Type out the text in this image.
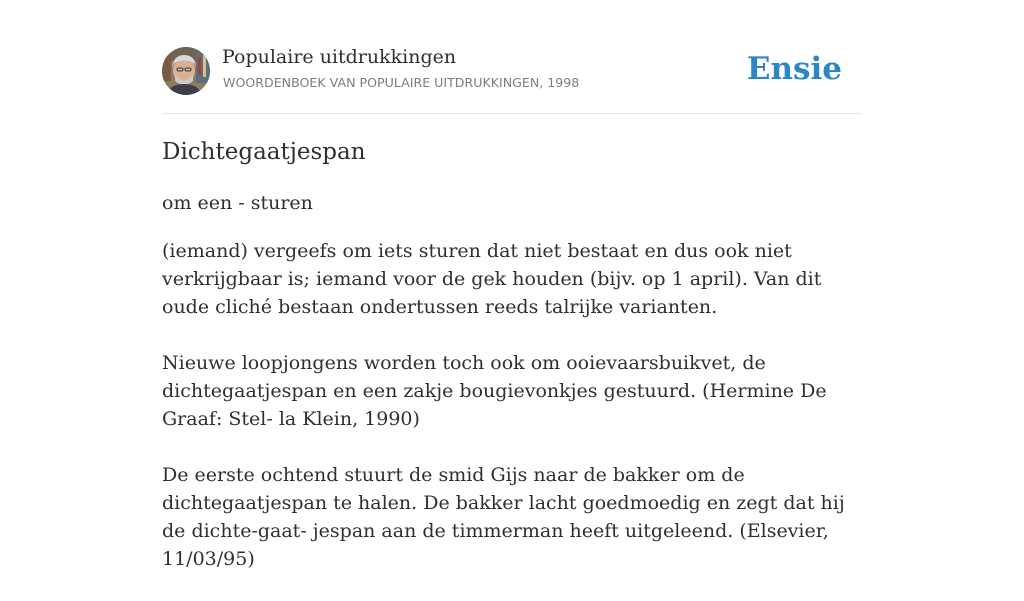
Populaire uitdrukkingen
WOORDENBOEK VAN POPULAIRE UITDRUKKINGEN, 1998	Ensie
Dichtegaatjespan
om een - sturen

(iemand) vergeefs om iets sturen dat niet bestaat en dus ook niet verkrijgbaar is; iemand voor de gek houden (bijv. op 1 april). Van dit oude cliché bestaan ondertussen reeds talrijke varianten.

Nieuwe loopjongens worden toch ook om ooievaarsbuikvet, de dichtegaatjespan en een zakje bougievonkjes gestuurd. (Hermine De Graaf: Stel- la Klein, 1990)

De eerste ochtend stuurt de smid Gijs naar de bakker om de dichtegaatjespan te halen. De bakker lacht goedmoedig en zegt dat hij de dichte-gaat- jespan aan de timmerman heeft uitgeleend. (Elsevier, 11/03/95)
